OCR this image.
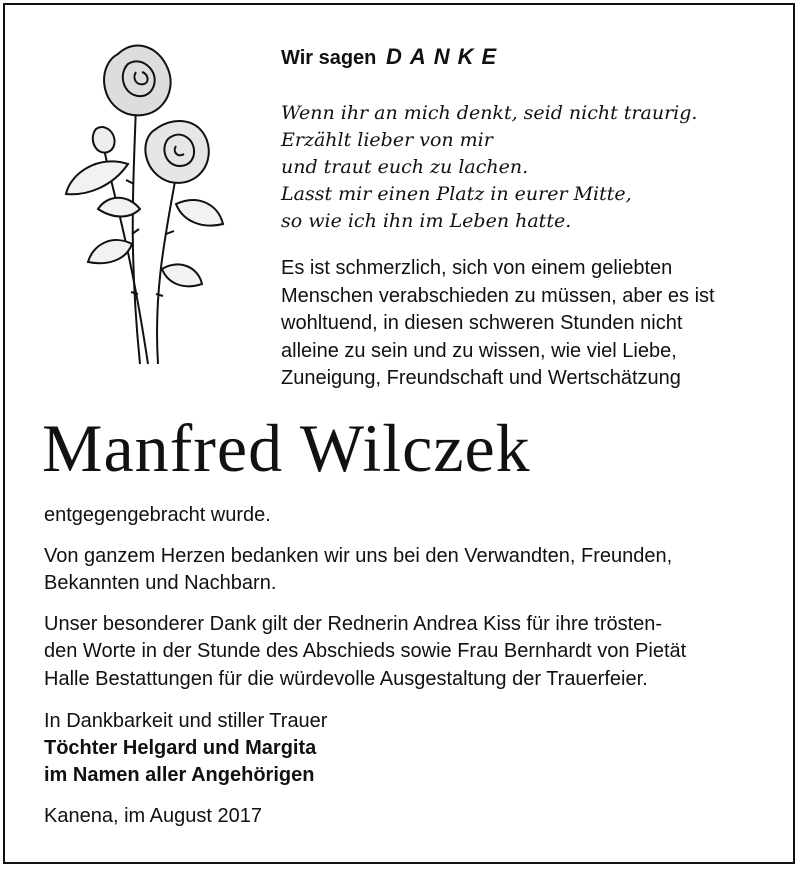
Wir sagen DANKE
Wenn ihr an mich denkt, seid nicht traurig.
Erzählt lieber von mir
und traut euch zu lachen.
Lasst mir einen Platz in eurer Mitte,
so wie ich ihn im Leben hatte.
Es ist schmerzlich, sich von einem geliebten
Menschen verabschieden zu müssen, aber es ist
wohltuend, in diesen schweren Stunden nicht
alleine zu sein und zu wissen, wie viel Liebe,
Zuneigung, Freundschaft und Wertschätzung
Manfred Wilczek
entgegengebracht wurde.
Von ganzem Herzen bedanken wir uns bei den Verwandten, Freunden,
Bekannten und Nachbarn.
Unser besonderer Dank gilt der Rednerin Andrea Kiss für ihre trösten-
den Worte in der Stunde des Abschieds sowie Frau Bernhardt von Pietät
Halle Bestattungen für die würdevolle Ausgestaltung der Trauerfeier.
In Dankbarkeit und stiller Trauer
Töchter Helgard und Margita
im Namen aller Angehörigen
Kanena, im August 2017
